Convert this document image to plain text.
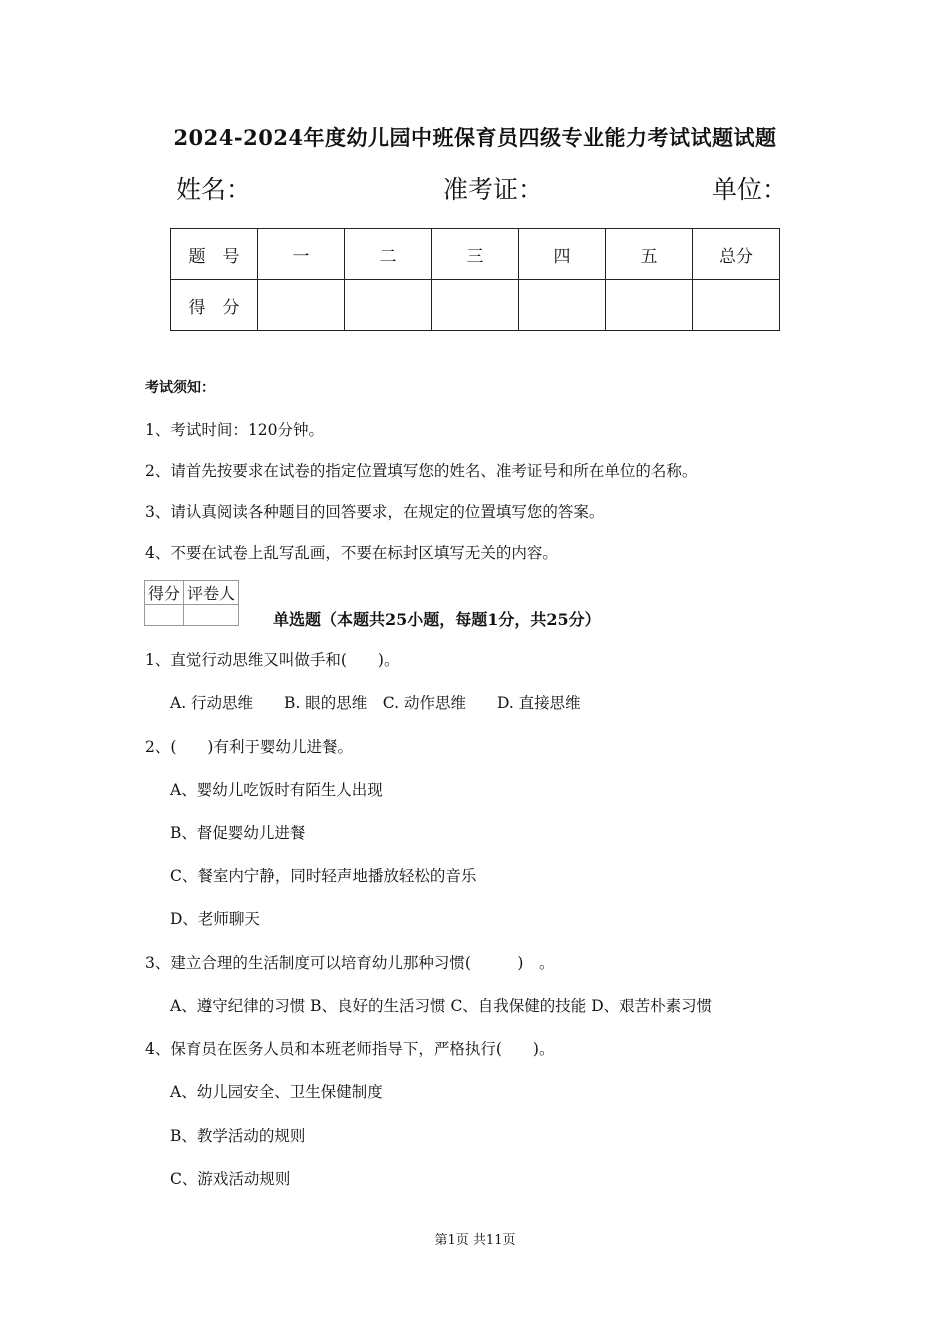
2024-2024年度幼儿园中班保育员四级专业能力考试试题试题
姓名：	准考证：	单位：
题　号	一	二	三	四	五	总分
得　分						
考试须知：
1、考试时间：120分钟。
2、请首先按要求在试卷的指定位置填写您的姓名、准考证号和所在单位的名称。
3、请认真阅读各种题目的回答要求，在规定的位置填写您的答案。
4、不要在试卷上乱写乱画，不要在标封区填写无关的内容。
得分	评卷人

单选题（本题共25小题，每题1分，共25分）
1、直觉行动思维又叫做手和(　　)。
A. 行动思维　　B. 眼的思维　C. 动作思维　　D. 直接思维
2、(　　)有利于婴幼儿进餐。
A、婴幼儿吃饭时有陌生人出现
B、督促婴幼儿进餐
C、餐室内宁静，同时轻声地播放轻松的音乐
D、老师聊天
3、建立合理的生活制度可以培育幼儿那种习惯(　　　)　。
A、遵守纪律的习惯 B、良好的生活习惯 C、自我保健的技能 D、艰苦朴素习惯
4、保育员在医务人员和本班老师指导下，严格执行(　　)。
A、幼儿园安全、卫生保健制度
B、教学活动的规则
C、游戏活动规则
第1页 共11页
